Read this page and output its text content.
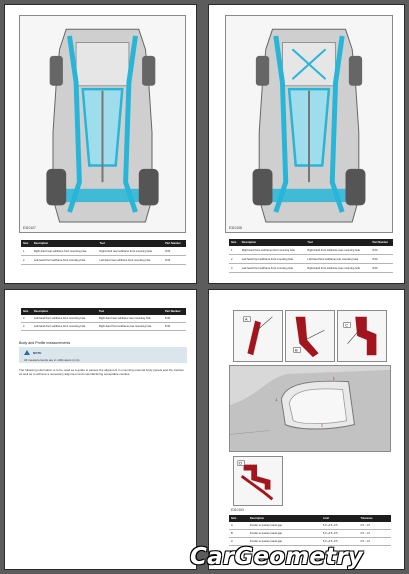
E310107
Item	Description	Tool	Part Number
1	Right-hand rear subframe front mounting hole	Right-hand rear subframe front mounting hole	8.00
2	Left-hand front subframe front mounting hole	Left-hand rear subframe front mounting hole	8.00
E310108
Item	Description	Tool	Part Number
1	Right-hand front subframe front mounting hole	Right-hand front subframe rear mounting hole	8.00
2	Left-hand front subframe front mounting hole	Left-hand front subframe rear mounting hole	8.00
3	Left-hand front subframe front mounting hole	Right-hand front subframe rear mounting hole	8.00
Item	Description	Tool	Part Number
3	Left-hand front subframe front mounting hole	Right-hand rear subframe rear mounting hole	8.00
4	Left-hand front subframe front mounting hole	Right-hand front subframe rear mounting hole	8.00
Body and Profile measurements
NOTE
All measurements are in millimeters (mm).
The following information is to be used as a guide to assess the alignment in mounting external body panels and the cavities as well as to achieve a necessary alignment and manufacturing acceptable cavities.
A
B
C
1
1
1
D
E310153
Item	Description	Limit	Tolerance
A	Fender to quarter panel gap	5.0 +0.5 -0.5	0.5 - 1.0
B	Fender to quarter panel gap	5.0 +0.5 -0.5	0.5 - 1.0
C	Fender to quarter panel gap	5.0 +0.5 -0.5	0.5 - 1.0
CarGeometry
